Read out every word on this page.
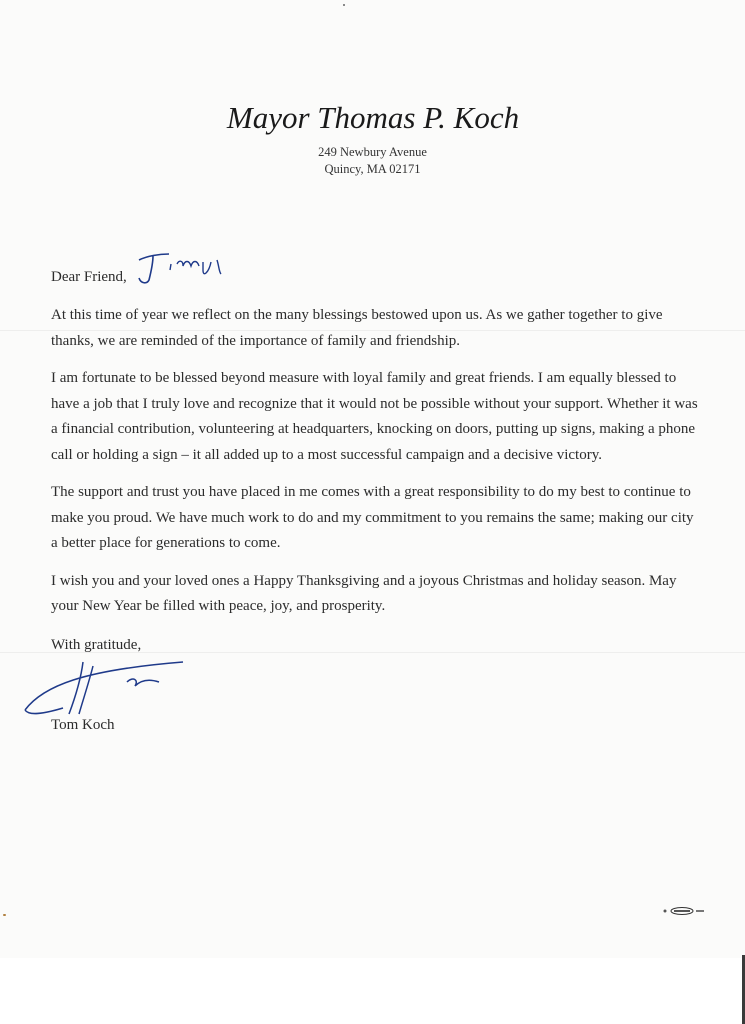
Mayor Thomas P. Koch
249 Newbury Avenue
Quincy, MA 02171
Dear Friend,

At this time of year we reflect on the many blessings bestowed upon us. As we gather together to give thanks, we are reminded of the importance of family and friendship.

I am fortunate to be blessed beyond measure with loyal family and great friends. I am equally blessed to have a job that I truly love and recognize that it would not be possible without your support. Whether it was a financial contribution, volunteering at headquarters, knocking on doors, putting up signs, making a phone call or holding a sign – it all added up to a most successful campaign and a decisive victory.

The support and trust you have placed in me comes with a great responsibility to do my best to continue to make you proud. We have much work to do and my commitment to you remains the same; making our city a better place for generations to come.

I wish you and your loved ones a Happy Thanksgiving and a joyous Christmas and holiday season. May your New Year be filled with peace, joy, and prosperity.

With gratitude,
Tom Koch
